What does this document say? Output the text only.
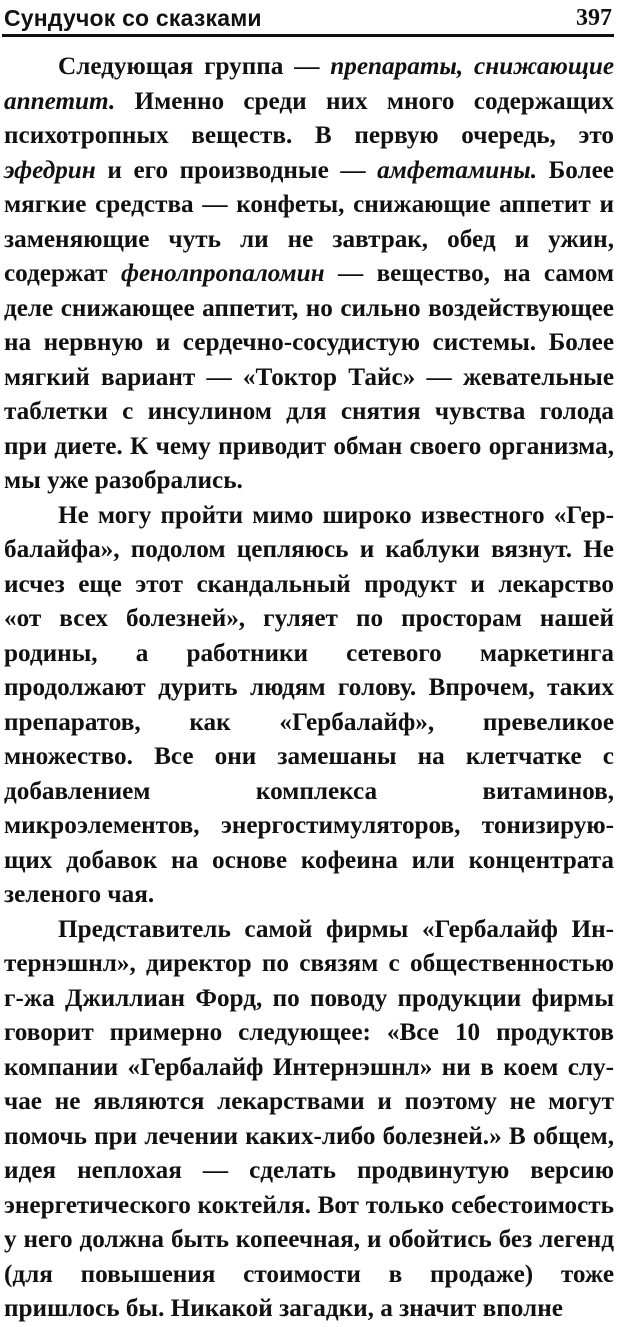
Сундучок со сказками	397

Следующая группа — препараты, снижающие аппетит. Именно среди них много содержащих психотропных веществ. В первую очередь, это эфедрин и его производные — амфетамины. Более мягкие средства — конфеты, снижающие аппетит и заменяющие чуть ли не завтрак, обед и ужин, содержат фенолпропаломин — вещество, на самом деле снижающее аппетит, но сильно воздействующее на нервную и сердечно-сосудистую системы. Более мягкий вариант — «Токтор Тайс» — жевательные таблетки с инсулином для снятия чувства голода при диете. К чему приводит обман своего организма, мы уже разобрались.

Не могу пройти мимо широко известного «Гербалайфа», подолом цепляюсь и каблуки вязнут. Не исчез еще этот скандальный продукт и лекарство «от всех болезней», гуляет по просторам нашей родины, а работники сетевого маркетинга продолжают дурить людям голову. Впрочем, таких препаратов, как «Гербалайф», превеликое множество. Все они замешаны на клетчатке с добавлением комплекса витаминов, микроэлементов, энергостимуляторов, тонизирующих добавок на основе кофеина или концентрата зеленого чая.

Представитель самой фирмы «Гербалайф Интернэшнл», директор по связям с общественностью г-жа Джиллиан Форд, по поводу продукции фирмы говорит примерно следующее: «Все 10 продуктов компании «Гербалайф Интернэшнл» ни в коем случае не являются лекарствами и поэтому не могут помочь при лечении каких-либо болезней.» В общем, идея неплохая — сделать продвинутую версию энергетического коктейля. Вот только себестоимость у него должна быть копеечная, и обойтись без легенд (для повышения стоимости в продаже) тоже пришлось бы. Никакой загадки, а значит вполне
